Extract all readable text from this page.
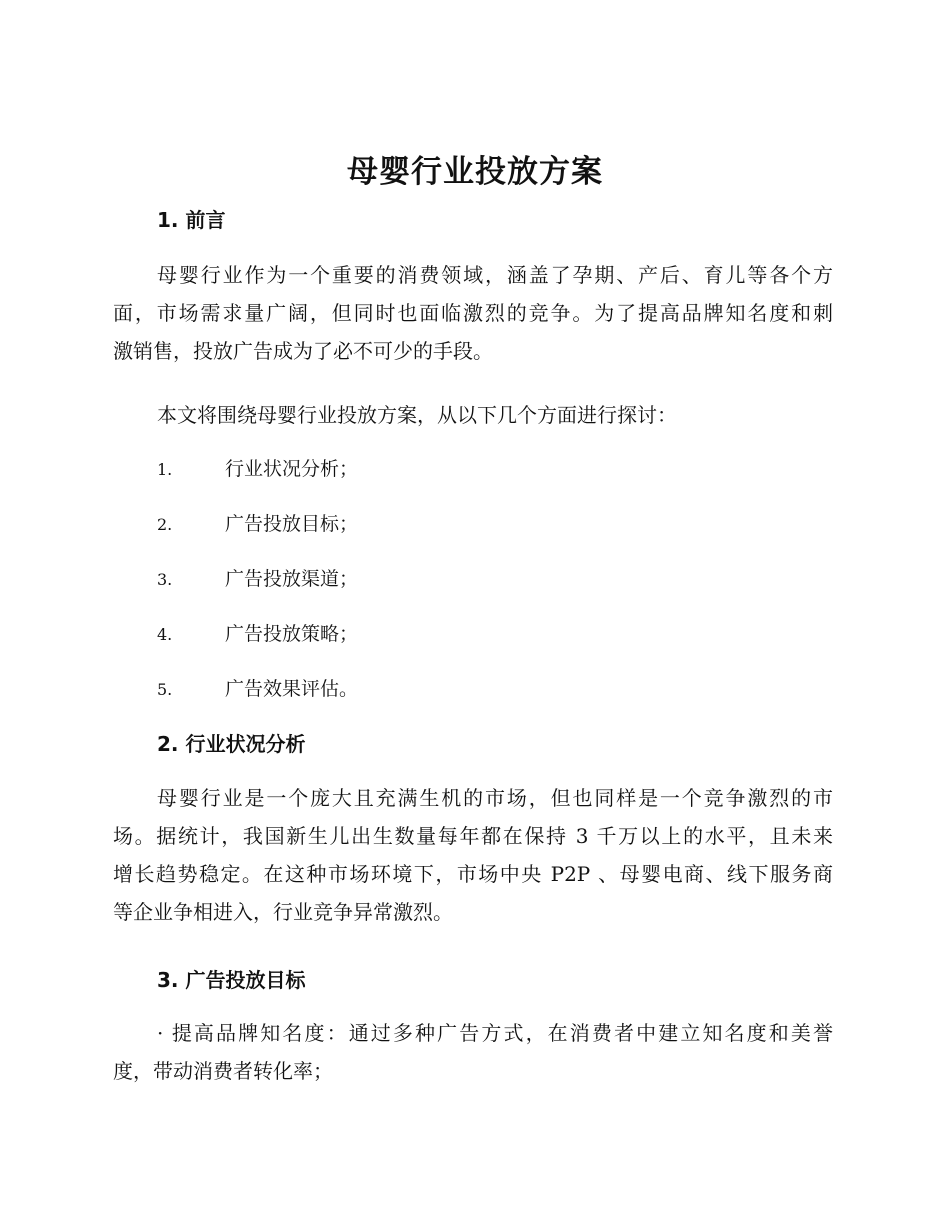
母婴行业投放方案
1. 前言
母婴行业作为一个重要的消费领域，涵盖了孕期、产后、育儿等各个方
面，市场需求量广阔，但同时也面临激烈的竞争。为了提高品牌知名度和刺
激销售，投放广告成为了必不可少的手段。
本文将围绕母婴行业投放方案，从以下几个方面进行探讨：
1.	行业状况分析；
2.	广告投放目标；
3.	广告投放渠道；
4.	广告投放策略；
5.	广告效果评估。
2. 行业状况分析
母婴行业是一个庞大且充满生机的市场，但也同样是一个竞争激烈的市
场。据统计，我国新生儿出生数量每年都在保持 3 千万以上的水平，且未来
增长趋势稳定。在这种市场环境下，市场中央 P2P 、母婴电商、线下服务商
等企业争相进入，行业竞争异常激烈。
3. 广告投放目标
· 提高品牌知名度：通过多种广告方式，在消费者中建立知名度和美誉
度，带动消费者转化率；
